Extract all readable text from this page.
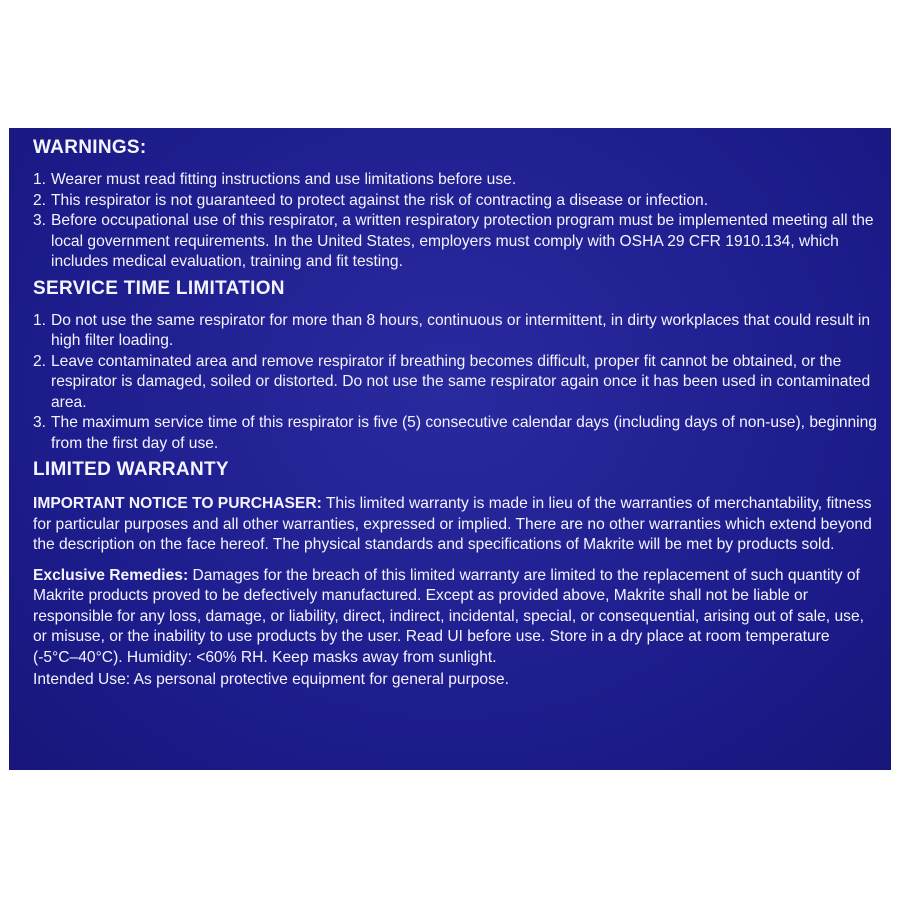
WARNINGS:
1. Wearer must read fitting instructions and use limitations before use.
2. This respirator is not guaranteed to protect against the risk of contracting a disease or infection.
3. Before occupational use of this respirator, a written respiratory protection program must be implemented meeting all the local government requirements. In the United States, employers must comply with OSHA 29 CFR 1910.134, which includes medical evaluation, training and fit testing.
SERVICE TIME LIMITATION
1. Do not use the same respirator for more than 8 hours, continuous or intermittent, in dirty workplaces that could result in high filter loading.
2. Leave contaminated area and remove respirator if breathing becomes difficult, proper fit cannot be obtained, or the respirator is damaged, soiled or distorted. Do not use the same respirator again once it has been used in contaminated area.
3. The maximum service time of this respirator is five (5) consecutive calendar days (including days of non-use), beginning from the first day of use.
LIMITED WARRANTY

IMPORTANT NOTICE TO PURCHASER: This limited warranty is made in lieu of the warranties of merchantability, fitness for particular purposes and all other warranties, expressed or implied. There are no other warranties which extend beyond the description on the face hereof. The physical standards and specifications of Makrite will be met by products sold.

Exclusive Remedies: Damages for the breach of this limited warranty are limited to the replacement of such quantity of Makrite products proved to be defectively manufactured. Except as provided above, Makrite shall not be liable or responsible for any loss, damage, or liability, direct, indirect, incidental, special, or consequential, arising out of sale, use, or misuse, or the inability to use products by the user. Read UI before use. Store in a dry place at room temperature (-5°C–40°C). Humidity: <60% RH. Keep masks away from sunlight.

Intended Use: As personal protective equipment for general purpose.
